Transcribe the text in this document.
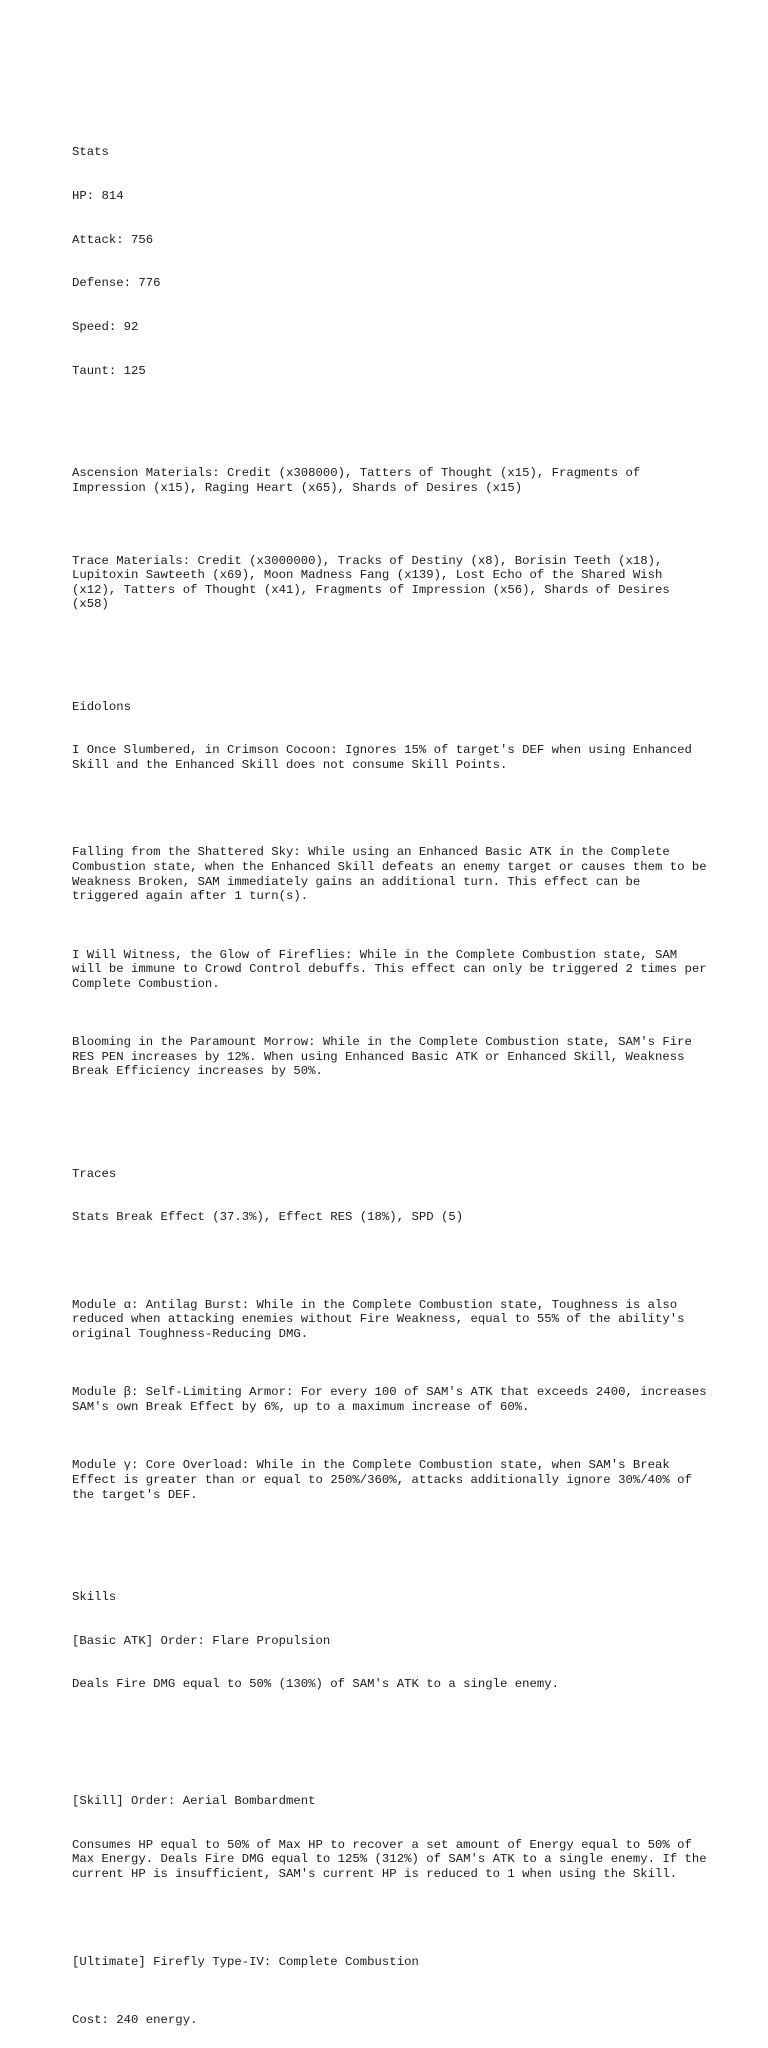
Stats

HP: 814

Attack: 756

Defense: 776

Speed: 92

Taunt: 125

Ascension Materials: Credit (x308000), Tatters of Thought (x15), Fragments of Impression (x15), Raging Heart (x65), Shards of Desires (x15)

Trace Materials: Credit (x3000000), Tracks of Destiny (x8), Borisin Teeth (x18), Lupitoxin Sawteeth (x69), Moon Madness Fang (x139), Lost Echo of the Shared Wish (x12), Tatters of Thought (x41), Fragments of Impression (x56), Shards of Desires (x58)

Eidolons

I Once Slumbered, in Crimson Cocoon: Ignores 15% of target's DEF when using Enhanced Skill and the Enhanced Skill does not consume Skill Points.

Falling from the Shattered Sky: While using an Enhanced Basic ATK in the Complete Combustion state, when the Enhanced Skill defeats an enemy target or causes them to be Weakness Broken, SAM immediately gains an additional turn. This effect can be triggered again after 1 turn(s).

I Will Witness, the Glow of Fireflies: While in the Complete Combustion state, SAM will be immune to Crowd Control debuffs. This effect can only be triggered 2 times per Complete Combustion.

Blooming in the Paramount Morrow: While in the Complete Combustion state, SAM's Fire RES PEN increases by 12%. When using Enhanced Basic ATK or Enhanced Skill, Weakness Break Efficiency increases by 50%.

Traces

Stats Break Effect (37.3%), Effect RES (18%), SPD (5)

Module α: Antilag Burst: While in the Complete Combustion state, Toughness is also reduced when attacking enemies without Fire Weakness, equal to 55% of the ability's original Toughness-Reducing DMG.

Module β: Self-Limiting Armor: For every 100 of SAM's ATK that exceeds 2400, increases SAM's own Break Effect by 6%, up to a maximum increase of 60%.

Module γ: Core Overload: While in the Complete Combustion state, when SAM's Break Effect is greater than or equal to 250%/360%, attacks additionally ignore 30%/40% of the target's DEF.

Skills

[Basic ATK] Order: Flare Propulsion

Deals Fire DMG equal to 50% (130%) of SAM's ATK to a single enemy.

[Skill] Order: Aerial Bombardment

Consumes HP equal to 50% of Max HP to recover a set amount of Energy equal to 50% of Max Energy. Deals Fire DMG equal to 125% (312%) of SAM's ATK to a single enemy. If the current HP is insufficient, SAM's current HP is reduced to 1 when using the Skill.

[Ultimate] Firefly Type-IV: Complete Combustion

Cost: 240 energy.
